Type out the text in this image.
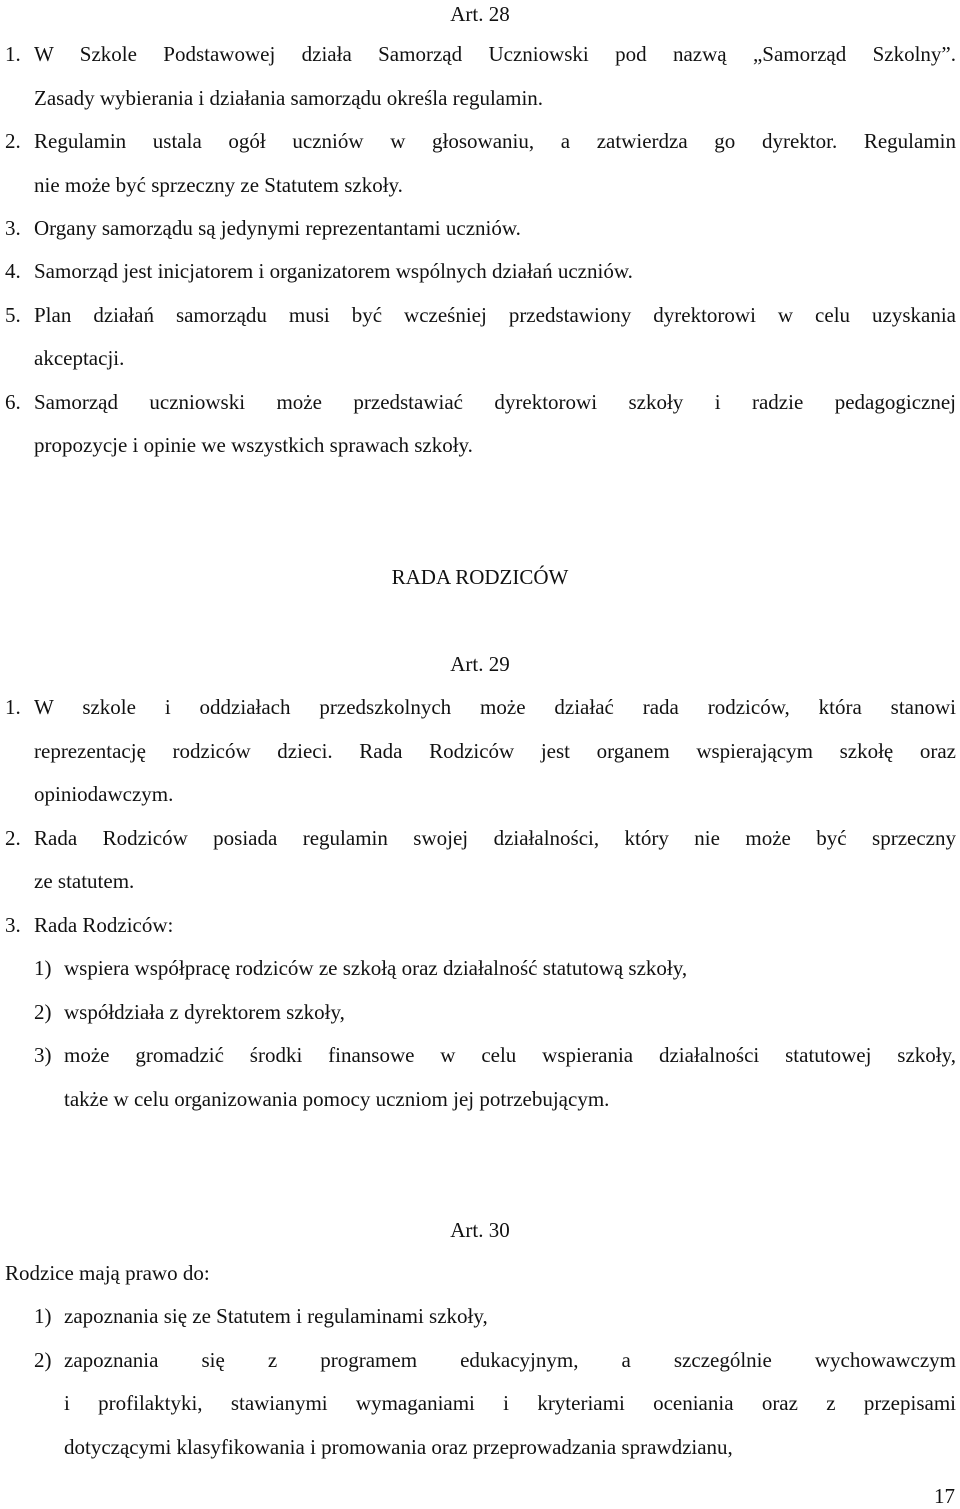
Art. 28
1. W Szkole Podstawowej działa Samorząd Uczniowski pod nazwą „Samorząd Szkolny”.
Zasady wybierania i działania samorządu określa regulamin.
2. Regulamin ustala ogół uczniów w głosowaniu, a zatwierdza go dyrektor. Regulamin
nie może być sprzeczny ze Statutem szkoły.
3. Organy samorządu są jedynymi reprezentantami uczniów.
4. Samorząd jest inicjatorem i organizatorem wspólnych działań uczniów.
5. Plan działań samorządu musi być wcześniej przedstawiony dyrektorowi w celu uzyskania
akceptacji.
6. Samorząd uczniowski może przedstawiać dyrektorowi szkoły i radzie pedagogicznej
propozycje i opinie we wszystkich sprawach szkoły.
RADA RODZICÓW
Art. 29
1. W szkole i oddziałach przedszkolnych może działać rada rodziców, która stanowi
reprezentację rodziców dzieci. Rada Rodziców jest organem wspierającym szkołę oraz
opiniodawczym.
2. Rada Rodziców posiada regulamin swojej działalności, który nie może być sprzeczny
ze statutem.
3. Rada Rodziców:
1) wspiera współpracę rodziców ze szkołą oraz działalność statutową szkoły,
2) współdziała z dyrektorem szkoły,
3) może gromadzić środki finansowe w celu wspierania działalności statutowej szkoły,
także w celu organizowania pomocy uczniom jej potrzebującym.
Art. 30
Rodzice mają prawo do:
1) zapoznania się ze Statutem i regulaminami szkoły,
2) zapoznania się z programem edukacyjnym, a szczególnie wychowawczym
i profilaktyki, stawianymi wymaganiami i kryteriami oceniania oraz z przepisami
dotyczącymi klasyfikowania i promowania oraz przeprowadzania sprawdzianu,
17
